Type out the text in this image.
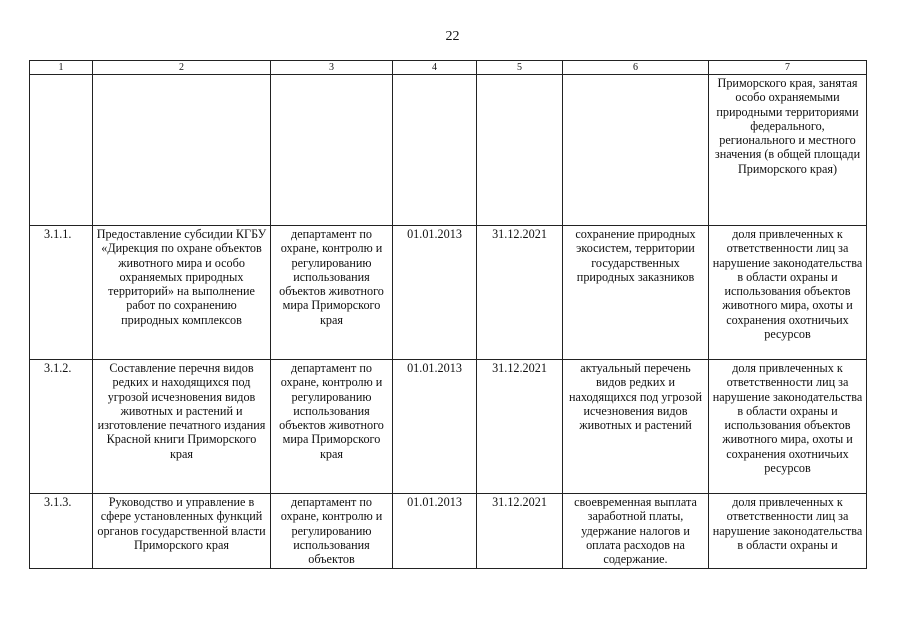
22
1	2	3	4	5	6	7
						Приморского края, занятая особо охраняемыми природными территориями федерального, регионального и местного значения (в общей площади Приморского края)
3.1.1.	Предоставление субсидии КГБУ «Дирекция по охране объектов животного мира и особо охраняемых природных территорий» на выполнение работ по сохранению природных комплексов	департамент по охране, контролю и регулированию использования объектов животного мира Приморского края	01.01.2013	31.12.2021	сохранение природных экосистем, территории государственных природных заказников	доля привлеченных к ответственности лиц за нарушение законодательства в области охраны и использования объектов животного мира, охоты и сохранения охотничьих ресурсов
3.1.2.	Составление перечня видов редких и находящихся под угрозой исчезновения видов животных и растений и изготовление печатного издания Красной книги Приморского края	департамент по охране, контролю и регулированию использования объектов животного мира Приморского края	01.01.2013	31.12.2021	актуальный перечень видов редких и находящихся под угрозой исчезновения видов животных и растений	доля привлеченных к ответственности лиц за нарушение законодательства в области охраны и использования объектов животного мира, охоты и сохранения охотничьих ресурсов
3.1.3.	Руководство и управление в сфере установленных функций органов государственной власти Приморского края	департамент по охране, контролю и регулированию использования объектов	01.01.2013	31.12.2021	своевременная выплата заработной платы, удержание налогов и оплата расходов на содержание.	доля привлеченных к ответственности лиц за нарушение законодательства в области охраны и
